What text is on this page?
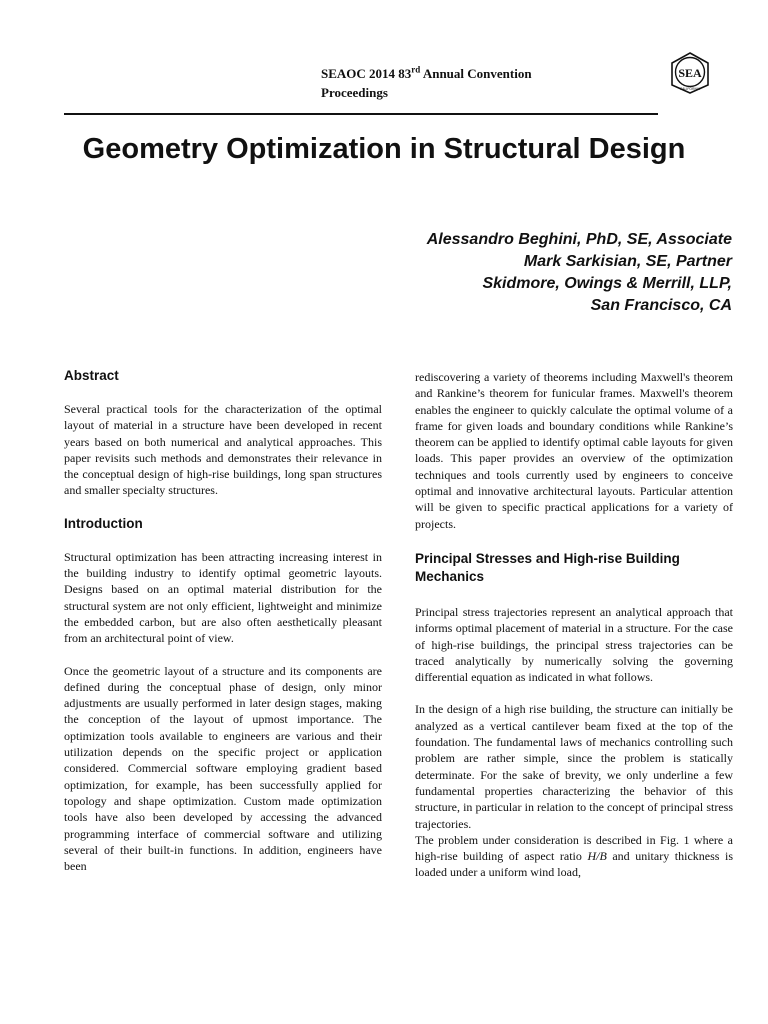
SEAOC 2014 83rd Annual Convention
Proceedings
SEA
CALIFORNIA
Geometry Optimization in Structural Design
Alessandro Beghini, PhD, SE, Associate
Mark Sarkisian, SE, Partner
Skidmore, Owings & Merrill, LLP,
San Francisco, CA
Abstract

Several practical tools for the characterization of the optimal layout of material in a structure have been developed in recent years based on both numerical and analytical approaches. This paper revisits such methods and demonstrates their relevance in the conceptual design of high-rise buildings, long span structures and smaller specialty structures.

Introduction

Structural optimization has been attracting increasing interest in the building industry to identify optimal geometric layouts. Designs based on an optimal material distribution for the structural system are not only efficient, lightweight and minimize the embedded carbon, but are also often aesthetically pleasant from an architectural point of view.

Once the geometric layout of a structure and its components are defined during the conceptual phase of design, only minor adjustments are usually performed in later design stages, making the conception of the layout of upmost importance. The optimization tools available to engineers are various and their utilization depends on the specific project or application considered. Commercial software employing gradient based optimization, for example, has been successfully applied for topology and shape optimization. Custom made optimization tools have also been developed by accessing the advanced programming interface of commercial software and utilizing several of their built-in functions. In addition, engineers have been

rediscovering a variety of theorems including Maxwell's theorem and Rankine’s theorem for funicular frames. Maxwell's theorem enables the engineer to quickly calculate the optimal volume of a frame for given loads and boundary conditions while Rankine’s theorem can be applied to identify optimal cable layouts for given loads. This paper provides an overview of the optimization techniques and tools currently used by engineers to conceive optimal and innovative architectural layouts. Particular attention will be given to specific practical applications for a variety of projects.

Principal Stresses and High-rise Building Mechanics

Principal stress trajectories represent an analytical approach that informs optimal placement of material in a structure. For the case of high-rise buildings, the principal stress trajectories can be traced analytically by numerically solving the governing differential equation as indicated in what follows.

In the design of a high rise building, the structure can initially be analyzed as a vertical cantilever beam fixed at the top of the foundation. The fundamental laws of mechanics controlling such problem are rather simple, since the problem is statically determinate. For the sake of brevity, we only underline a few fundamental properties characterizing the behavior of this structure, in particular in relation to the concept of principal stress trajectories.

The problem under consideration is described in Fig. 1 where a high-rise building of aspect ratio H/B and unitary thickness is loaded under a uniform wind load,
